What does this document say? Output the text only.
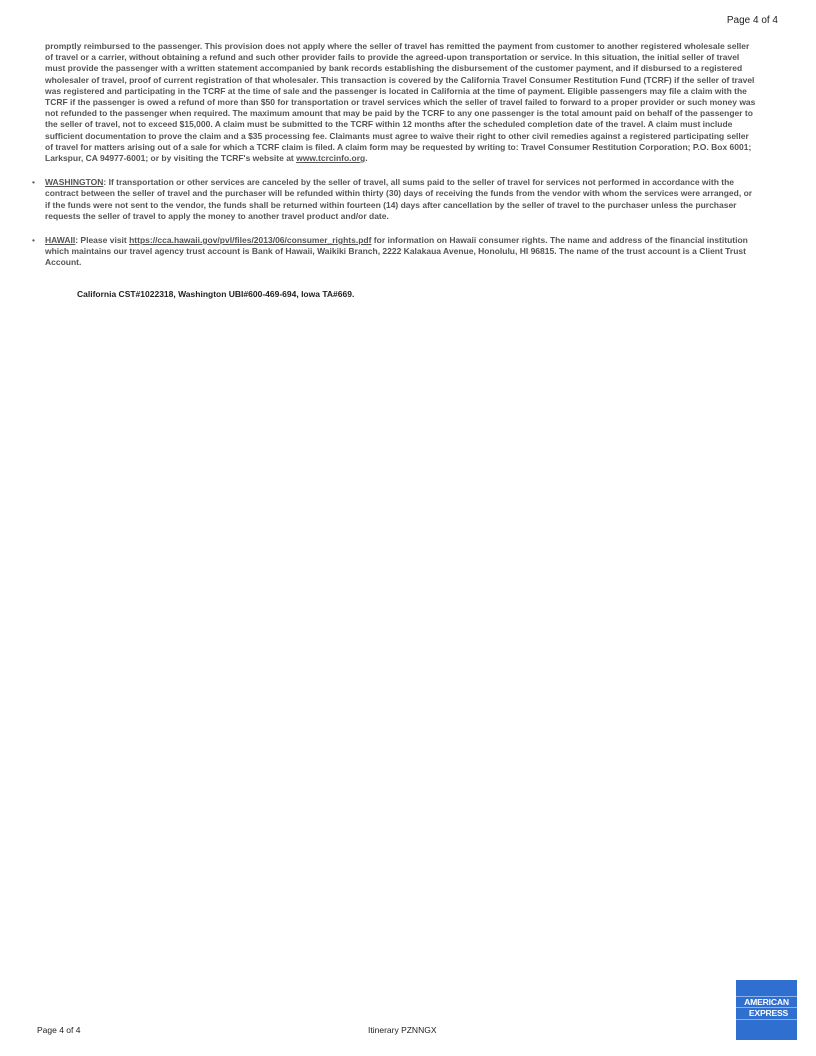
Page 4 of 4
promptly reimbursed to the passenger. This provision does not apply where the seller of travel has remitted the payment from customer to another registered wholesale seller of travel or a carrier, without obtaining a refund and such other provider fails to provide the agreed-upon transportation or service. In this situation, the initial seller of travel must provide the passenger with a written statement accompanied by bank records establishing the disbursement of the customer payment, and if disbursed to a registered wholesaler of travel, proof of current registration of that wholesaler. This transaction is covered by the California Travel Consumer Restitution Fund (TCRF) if the seller of travel was registered and participating in the TCRF at the time of sale and the passenger is located in California at the time of payment. Eligible passengers may file a claim with the TCRF if the passenger is owed a refund of more than $50 for transportation or travel services which the seller of travel failed to forward to a proper provider or such money was not refunded to the passenger when required. The maximum amount that may be paid by the TCRF to any one passenger is the total amount paid on behalf of the passenger to the seller of travel, not to exceed $15,000. A claim must be submitted to the TCRF within 12 months after the scheduled completion date of the travel. A claim must include sufficient documentation to prove the claim and a $35 processing fee. Claimants must agree to waive their right to other civil remedies against a registered participating seller of travel for matters arising out of a sale for which a TCRF claim is filed. A claim form may be requested by writing to: Travel Consumer Restitution Corporation; P.O. Box 6001; Larkspur, CA 94977-6001; or by visiting the TCRF's website at www.tcrcinfo.org.
• WASHINGTON: If transportation or other services are canceled by the seller of travel, all sums paid to the seller of travel for services not performed in accordance with the contract between the seller of travel and the purchaser will be refunded within thirty (30) days of receiving the funds from the vendor with whom the services were arranged, or if the funds were not sent to the vendor, the funds shall be returned within fourteen (14) days after cancellation by the seller of travel to the purchaser unless the purchaser requests the seller of travel to apply the money to another travel product and/or date.
• HAWAII: Please visit https://cca.hawaii.gov/pvl/files/2013/06/consumer_rights.pdf for information on Hawaii consumer rights. The name and address of the financial institution which maintains our travel agency trust account is Bank of Hawaii, Waikiki Branch, 2222 Kalakaua Avenue, Honolulu, HI 96815. The name of the trust account is a Client Trust Account.
California CST#1022318, Washington UBI#600-469-694, Iowa TA#669.
Page 4 of 4	Itinerary PZNNGX
AMERICAN
EXPRESS
